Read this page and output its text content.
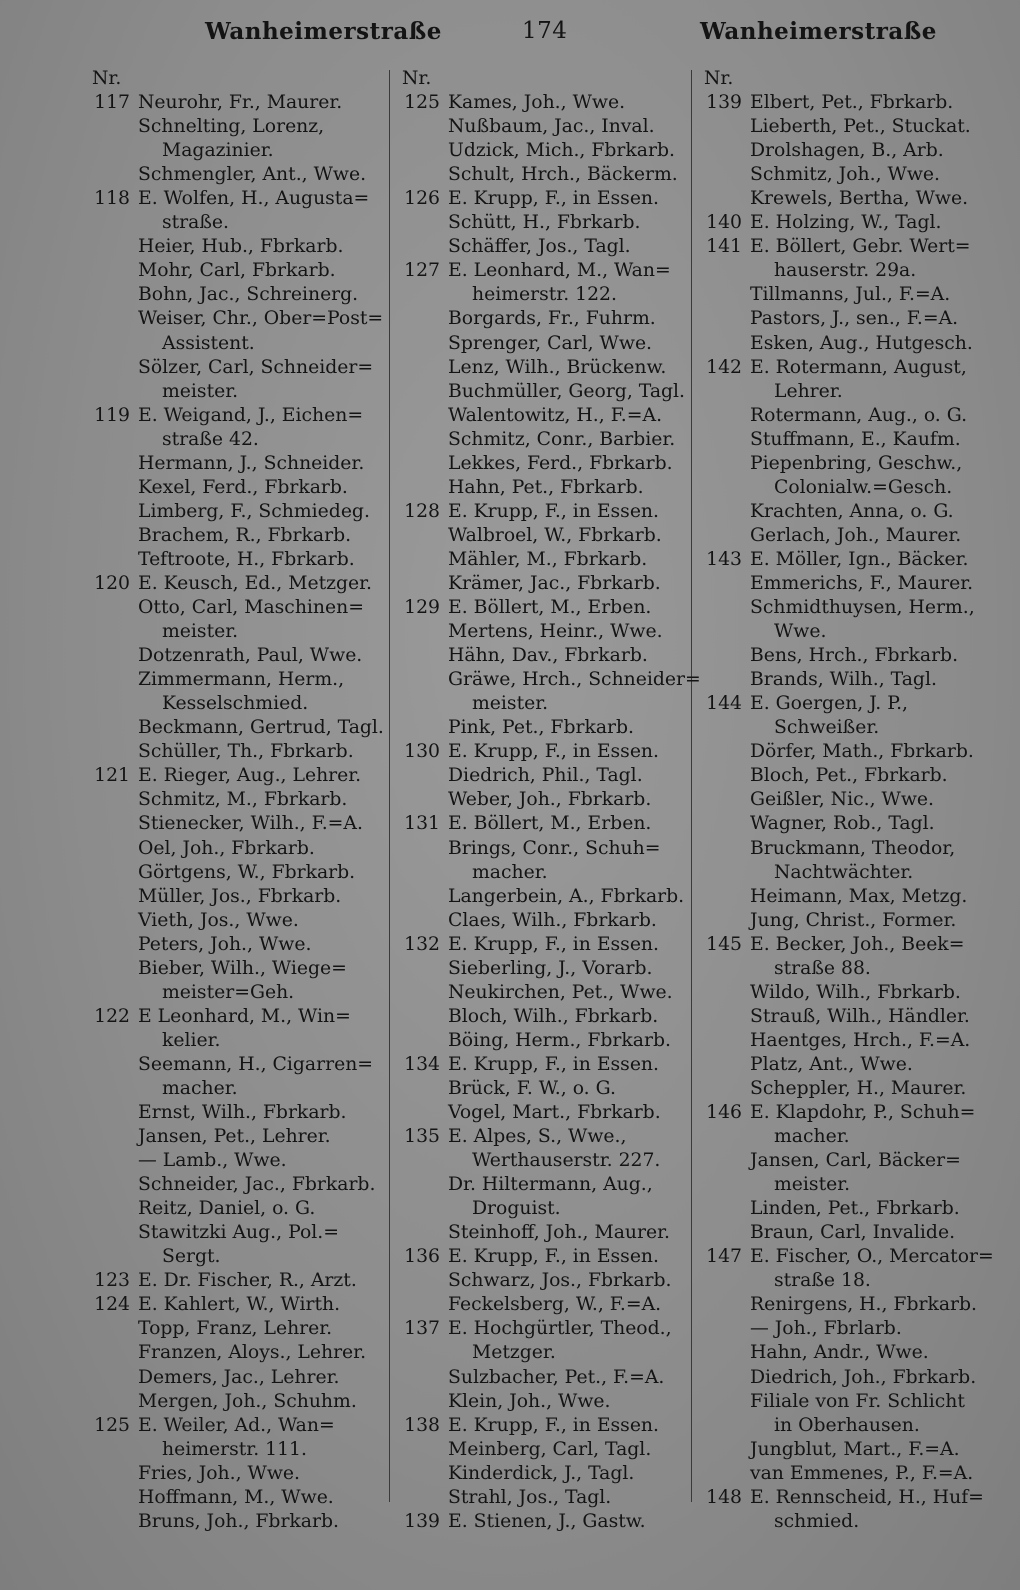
Wanheimerstraße	174	Wanheimerstraße
Nr.
117 Neurohr, Fr., Maurer.
Schnelting, Lorenz,
Magazinier.
Schmengler, Ant., Wwe.
118 E. Wolfen, H., Augusta=
straße.
Heier, Hub., Fbrkarb.
Mohr, Carl, Fbrkarb.
Bohn, Jac., Schreinerg.
Weiser, Chr., Ober=Post=
Assistent.
Sölzer, Carl, Schneider=
meister.
119 E. Weigand, J., Eichen=
straße 42.
Hermann, J., Schneider.
Kexel, Ferd., Fbrkarb.
Limberg, F., Schmiedeg.
Brachem, R., Fbrkarb.
Teftroote, H., Fbrkarb.
120 E. Keusch, Ed., Metzger.
Otto, Carl, Maschinen=
meister.
Dotzenrath, Paul, Wwe.
Zimmermann, Herm.,
Kesselschmied.
Beckmann, Gertrud, Tagl.
Schüller, Th., Fbrkarb.
121 E. Rieger, Aug., Lehrer.
Schmitz, M., Fbrkarb.
Stienecker, Wilh., F.=A.
Oel, Joh., Fbrkarb.
Görtgens, W., Fbrkarb.
Müller, Jos., Fbrkarb.
Vieth, Jos., Wwe.
Peters, Joh., Wwe.
Bieber, Wilh., Wiege=
meister=Geh.
122 E Leonhard, M., Win=
kelier.
Seemann, H., Cigarren=
macher.
Ernst, Wilh., Fbrkarb.
Jansen, Pet., Lehrer.
— Lamb., Wwe.
Schneider, Jac., Fbrkarb.
Reitz, Daniel, o. G.
Stawitzki Aug., Pol.=
Sergt.
123 E. Dr. Fischer, R., Arzt.
124 E. Kahlert, W., Wirth.
Topp, Franz, Lehrer.
Franzen, Aloys., Lehrer.
Demers, Jac., Lehrer.
Mergen, Joh., Schuhm.
125 E. Weiler, Ad., Wan=
heimerstr. 111.
Fries, Joh., Wwe.
Hoffmann, M., Wwe.
Bruns, Joh., Fbrkarb.
Nr.
125 Kames, Joh., Wwe.
Nußbaum, Jac., Inval.
Udzick, Mich., Fbrkarb.
Schult, Hrch., Bäckerm.
126 E. Krupp, F., in Essen.
Schütt, H., Fbrkarb.
Schäffer, Jos., Tagl.
127 E. Leonhard, M., Wan=
heimerstr. 122.
Borgards, Fr., Fuhrm.
Sprenger, Carl, Wwe.
Lenz, Wilh., Brückenw.
Buchmüller, Georg, Tagl.
Walentowitz, H., F.=A.
Schmitz, Conr., Barbier.
Lekkes, Ferd., Fbrkarb.
Hahn, Pet., Fbrkarb.
128 E. Krupp, F., in Essen.
Walbroel, W., Fbrkarb.
Mähler, M., Fbrkarb.
Krämer, Jac., Fbrkarb.
129 E. Böllert, M., Erben.
Mertens, Heinr., Wwe.
Hähn, Dav., Fbrkarb.
Gräwe, Hrch., Schneider=
meister.
Pink, Pet., Fbrkarb.
130 E. Krupp, F., in Essen.
Diedrich, Phil., Tagl.
Weber, Joh., Fbrkarb.
131 E. Böllert, M., Erben.
Brings, Conr., Schuh=
macher.
Langerbein, A., Fbrkarb.
Claes, Wilh., Fbrkarb.
132 E. Krupp, F., in Essen.
Sieberling, J., Vorarb.
Neukirchen, Pet., Wwe.
Bloch, Wilh., Fbrkarb.
Böing, Herm., Fbrkarb.
134 E. Krupp, F., in Essen.
Brück, F. W., o. G.
Vogel, Mart., Fbrkarb.
135 E. Alpes, S., Wwe.,
Werthauserstr. 227.
Dr. Hiltermann, Aug.,
Droguist.
Steinhoff, Joh., Maurer.
136 E. Krupp, F., in Essen.
Schwarz, Jos., Fbrkarb.
Feckelsberg, W., F.=A.
137 E. Hochgürtler, Theod.,
Metzger.
Sulzbacher, Pet., F.=A.
Klein, Joh., Wwe.
138 E. Krupp, F., in Essen.
Meinberg, Carl, Tagl.
Kinderdick, J., Tagl.
Strahl, Jos., Tagl.
139 E. Stienen, J., Gastw.
Nr.
139 Elbert, Pet., Fbrkarb.
Lieberth, Pet., Stuckat.
Drolshagen, B., Arb.
Schmitz, Joh., Wwe.
Krewels, Bertha, Wwe.
140 E. Holzing, W., Tagl.
141 E. Böllert, Gebr. Wert=
hauserstr. 29a.
Tillmanns, Jul., F.=A.
Pastors, J., sen., F.=A.
Esken, Aug., Hutgesch.
142 E. Rotermann, August,
Lehrer.
Rotermann, Aug., o. G.
Stuffmann, E., Kaufm.
Piepenbring, Geschw.,
Colonialw.=Gesch.
Krachten, Anna, o. G.
Gerlach, Joh., Maurer.
143 E. Möller, Ign., Bäcker.
Emmerichs, F., Maurer.
Schmidthuysen, Herm.,
Wwe.
Bens, Hrch., Fbrkarb.
Brands, Wilh., Tagl.
144 E. Goergen, J. P.,
Schweißer.
Dörfer, Math., Fbrkarb.
Bloch, Pet., Fbrkarb.
Geißler, Nic., Wwe.
Wagner, Rob., Tagl.
Bruckmann, Theodor,
Nachtwächter.
Heimann, Max, Metzg.
Jung, Christ., Former.
145 E. Becker, Joh., Beek=
straße 88.
Wildo, Wilh., Fbrkarb.
Strauß, Wilh., Händler.
Haentges, Hrch., F.=A.
Platz, Ant., Wwe.
Scheppler, H., Maurer.
146 E. Klapdohr, P., Schuh=
macher.
Jansen, Carl, Bäcker=
meister.
Linden, Pet., Fbrkarb.
Braun, Carl, Invalide.
147 E. Fischer, O., Mercator=
straße 18.
Renirgens, H., Fbrkarb.
— Joh., Fbrlarb.
Hahn, Andr., Wwe.
Diedrich, Joh., Fbrkarb.
Filiale von Fr. Schlicht
in Oberhausen.
Jungblut, Mart., F.=A.
van Emmenes, P., F.=A.
148 E. Rennscheid, H., Huf=
schmied.
